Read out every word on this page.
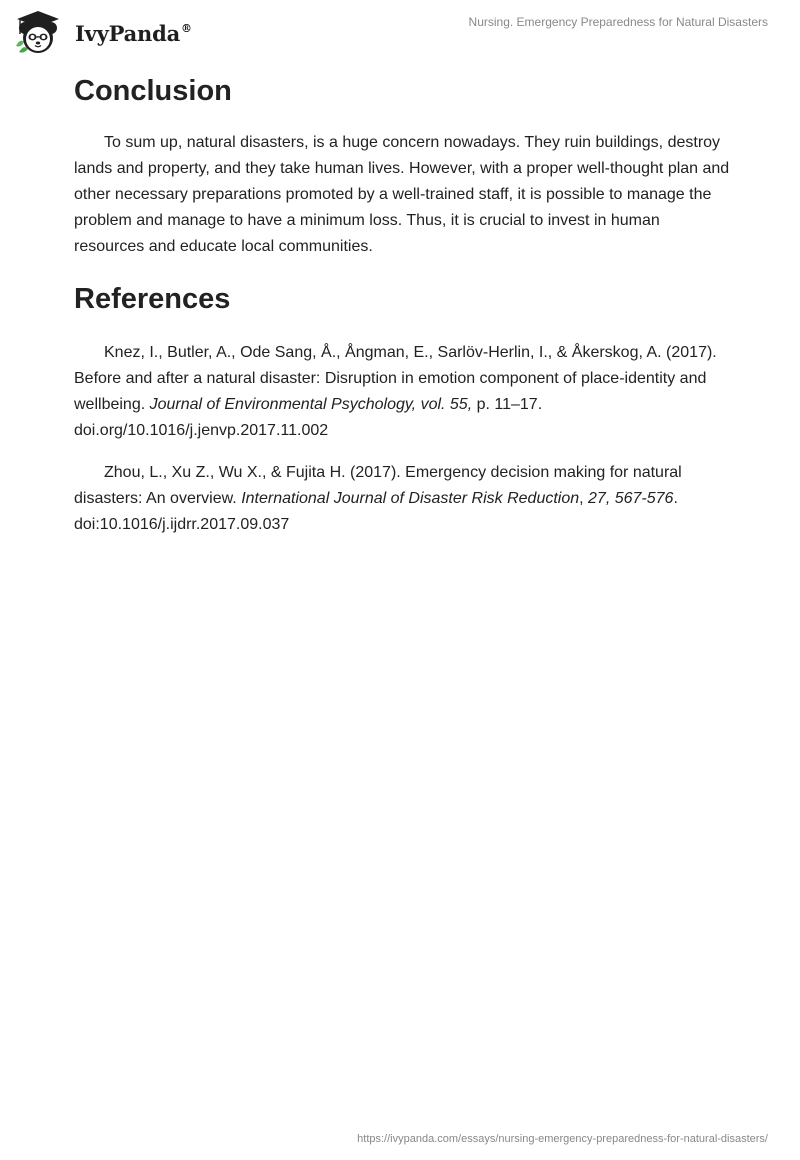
IvyPanda®	Nursing. Emergency Preparedness for Natural Disasters
Conclusion

To sum up, natural disasters, is a huge concern nowadays. They ruin buildings, destroy lands and property, and they take human lives. However, with a proper well-thought plan and other necessary preparations promoted by a well-trained staff, it is possible to manage the problem and manage to have a minimum loss. Thus, it is crucial to invest in human resources and educate local communities.

References

Knez, I., Butler, A., Ode Sang, Å., Ångman, E., Sarlöv-Herlin, I., & Åkerskog, A. (2017). Before and after a natural disaster: Disruption in emotion component of place-identity and wellbeing. Journal of Environmental Psychology, vol. 55, p. 11–17. doi.org/10.1016/j.jenvp.2017.11.002

Zhou, L., Xu Z., Wu X., & Fujita H. (2017). Emergency decision making for natural disasters: An overview. International Journal of Disaster Risk Reduction, 27, 567-576. doi:10.1016/j.ijdrr.2017.09.037

https://ivypanda.com/essays/nursing-emergency-preparedness-for-natural-disasters/
